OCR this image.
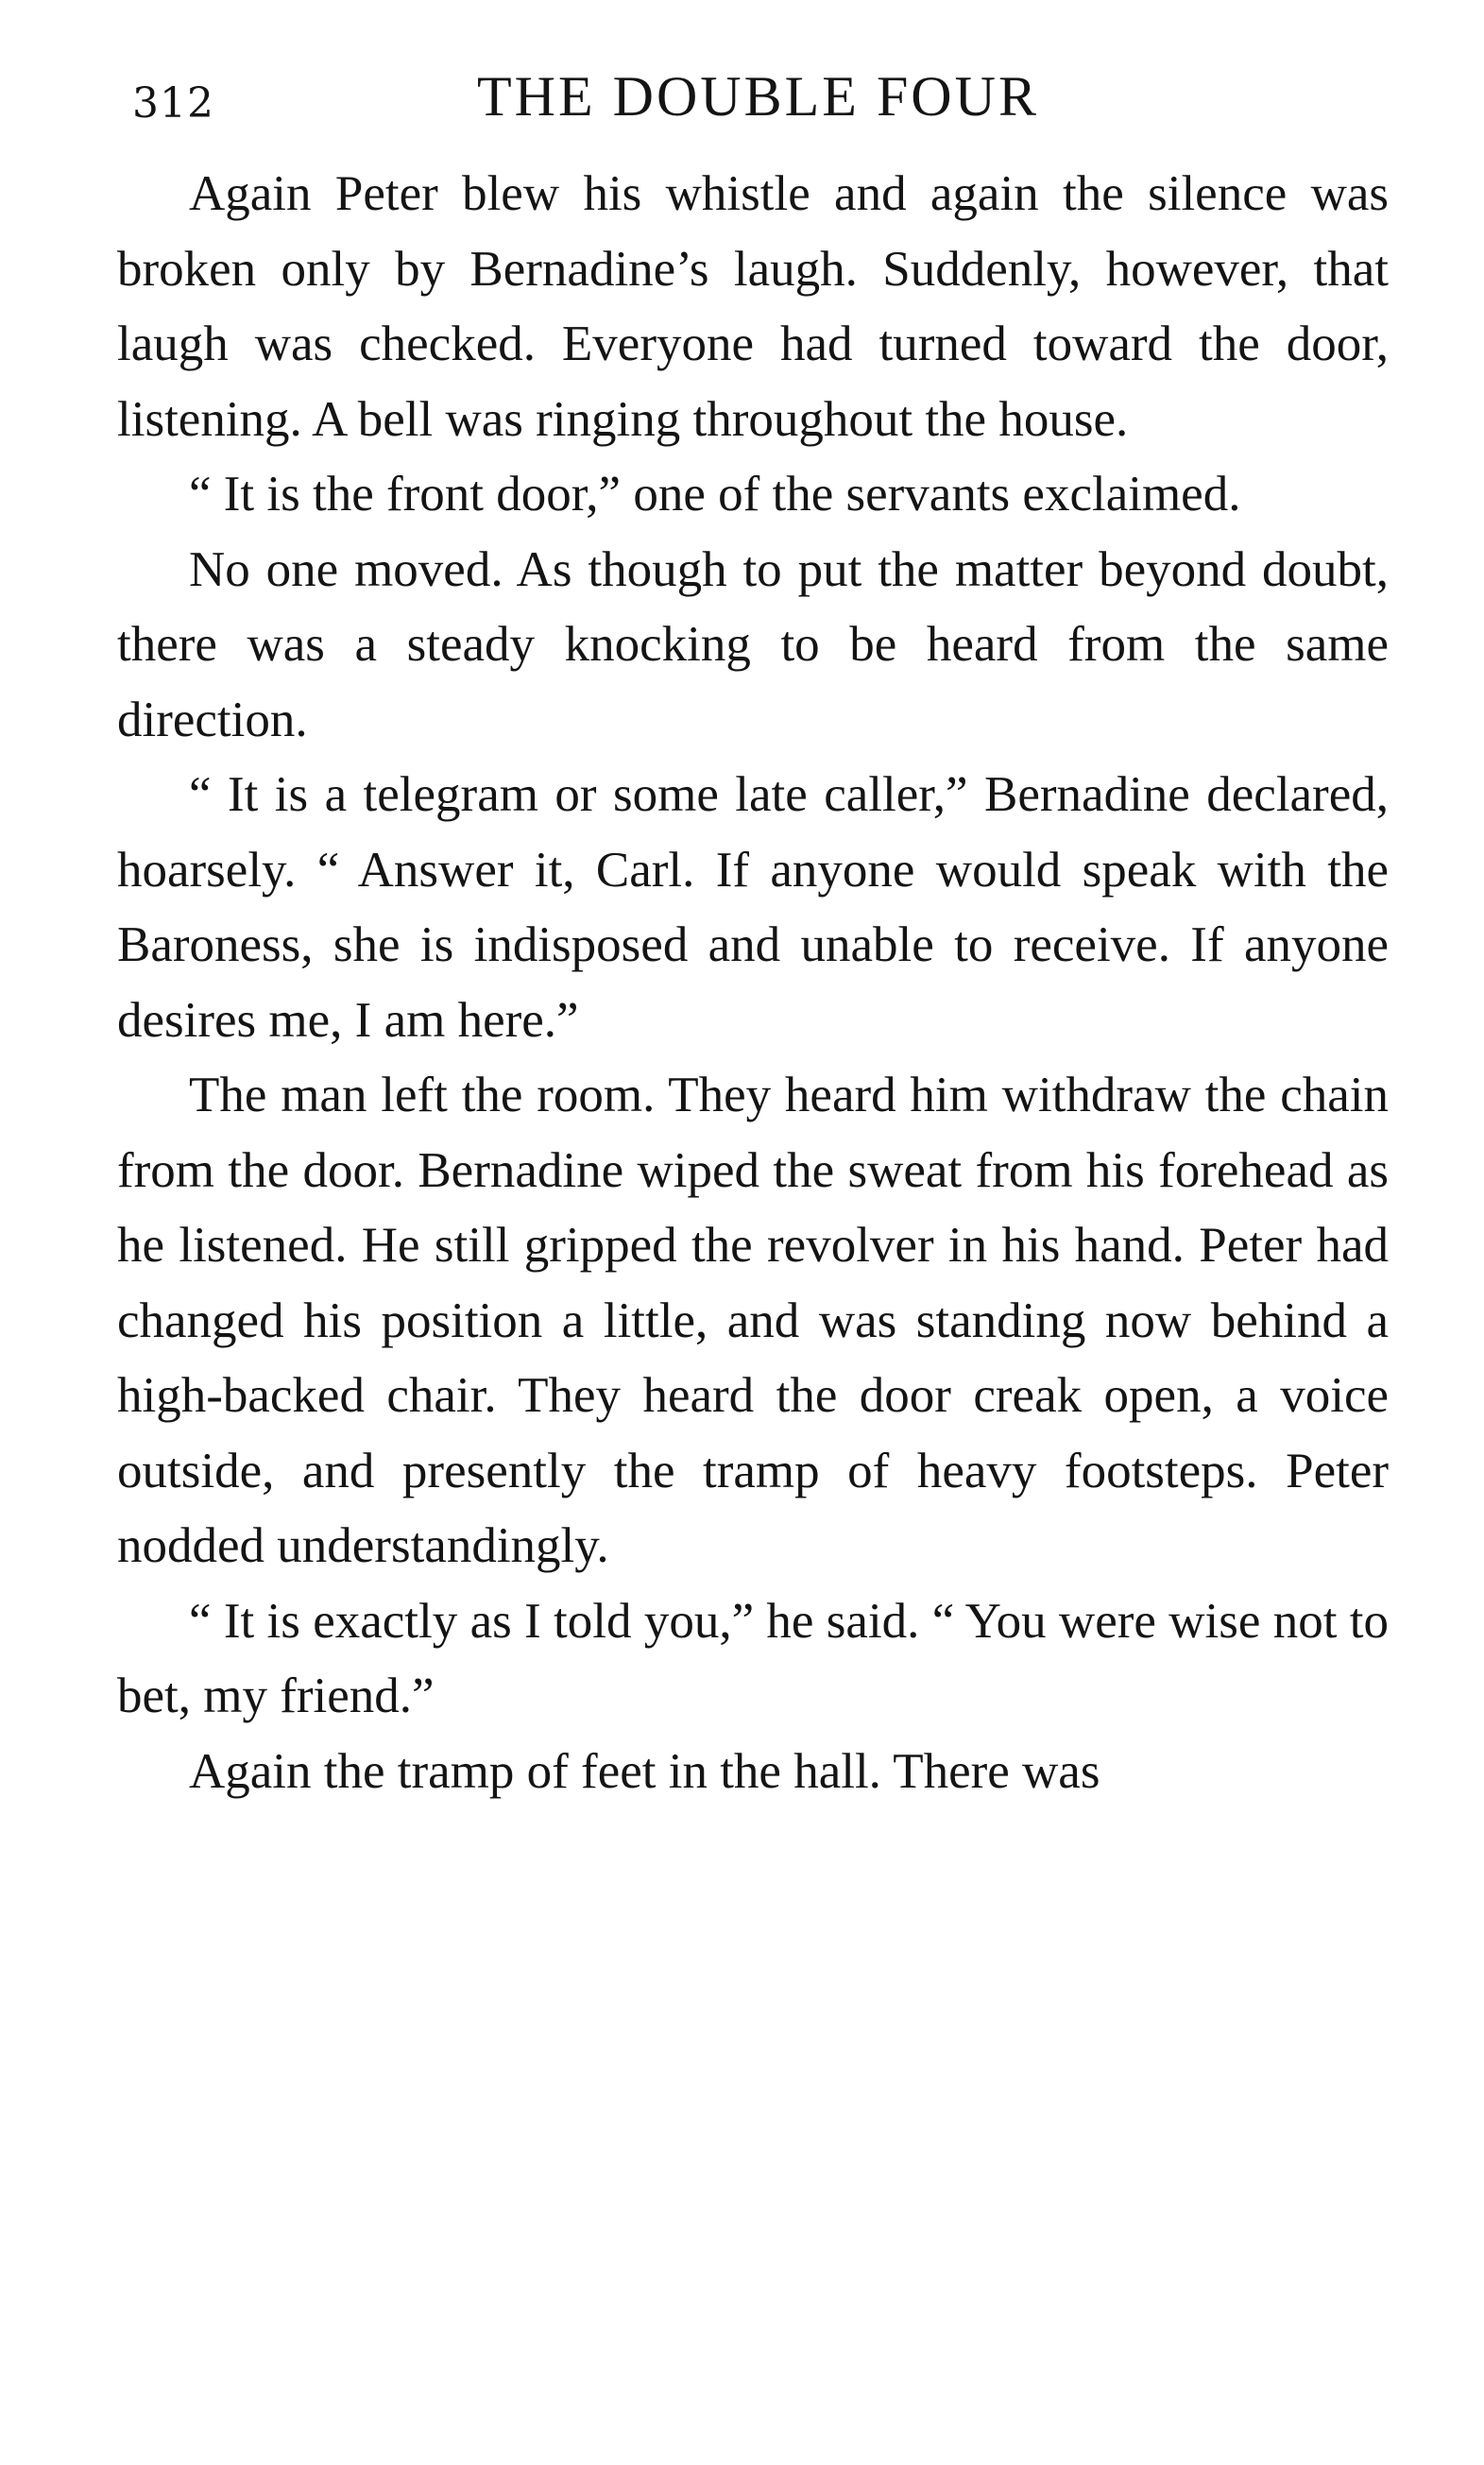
312	THE DOUBLE FOUR

Again Peter blew his whistle and again the silence was broken only by Bernadine’s laugh. Suddenly, however, that laugh was checked. Everyone had turned toward the door, listening. A bell was ringing throughout the house.

“ It is the front door,” one of the servants exclaimed.

No one moved. As though to put the matter beyond doubt, there was a steady knocking to be heard from the same direction.

“ It is a telegram or some late caller,” Bernadine declared, hoarsely. “ Answer it, Carl. If anyone would speak with the Baroness, she is indisposed and unable to receive. If anyone desires me, I am here.”

The man left the room. They heard him withdraw the chain from the door. Bernadine wiped the sweat from his forehead as he listened. He still gripped the revolver in his hand. Peter had changed his position a little, and was standing now behind a high-backed chair. They heard the door creak open, a voice outside, and presently the tramp of heavy footsteps. Peter nodded understandingly.

“ It is exactly as I told you,” he said. “ You were wise not to bet, my friend.”

Again the tramp of feet in the hall. There was
